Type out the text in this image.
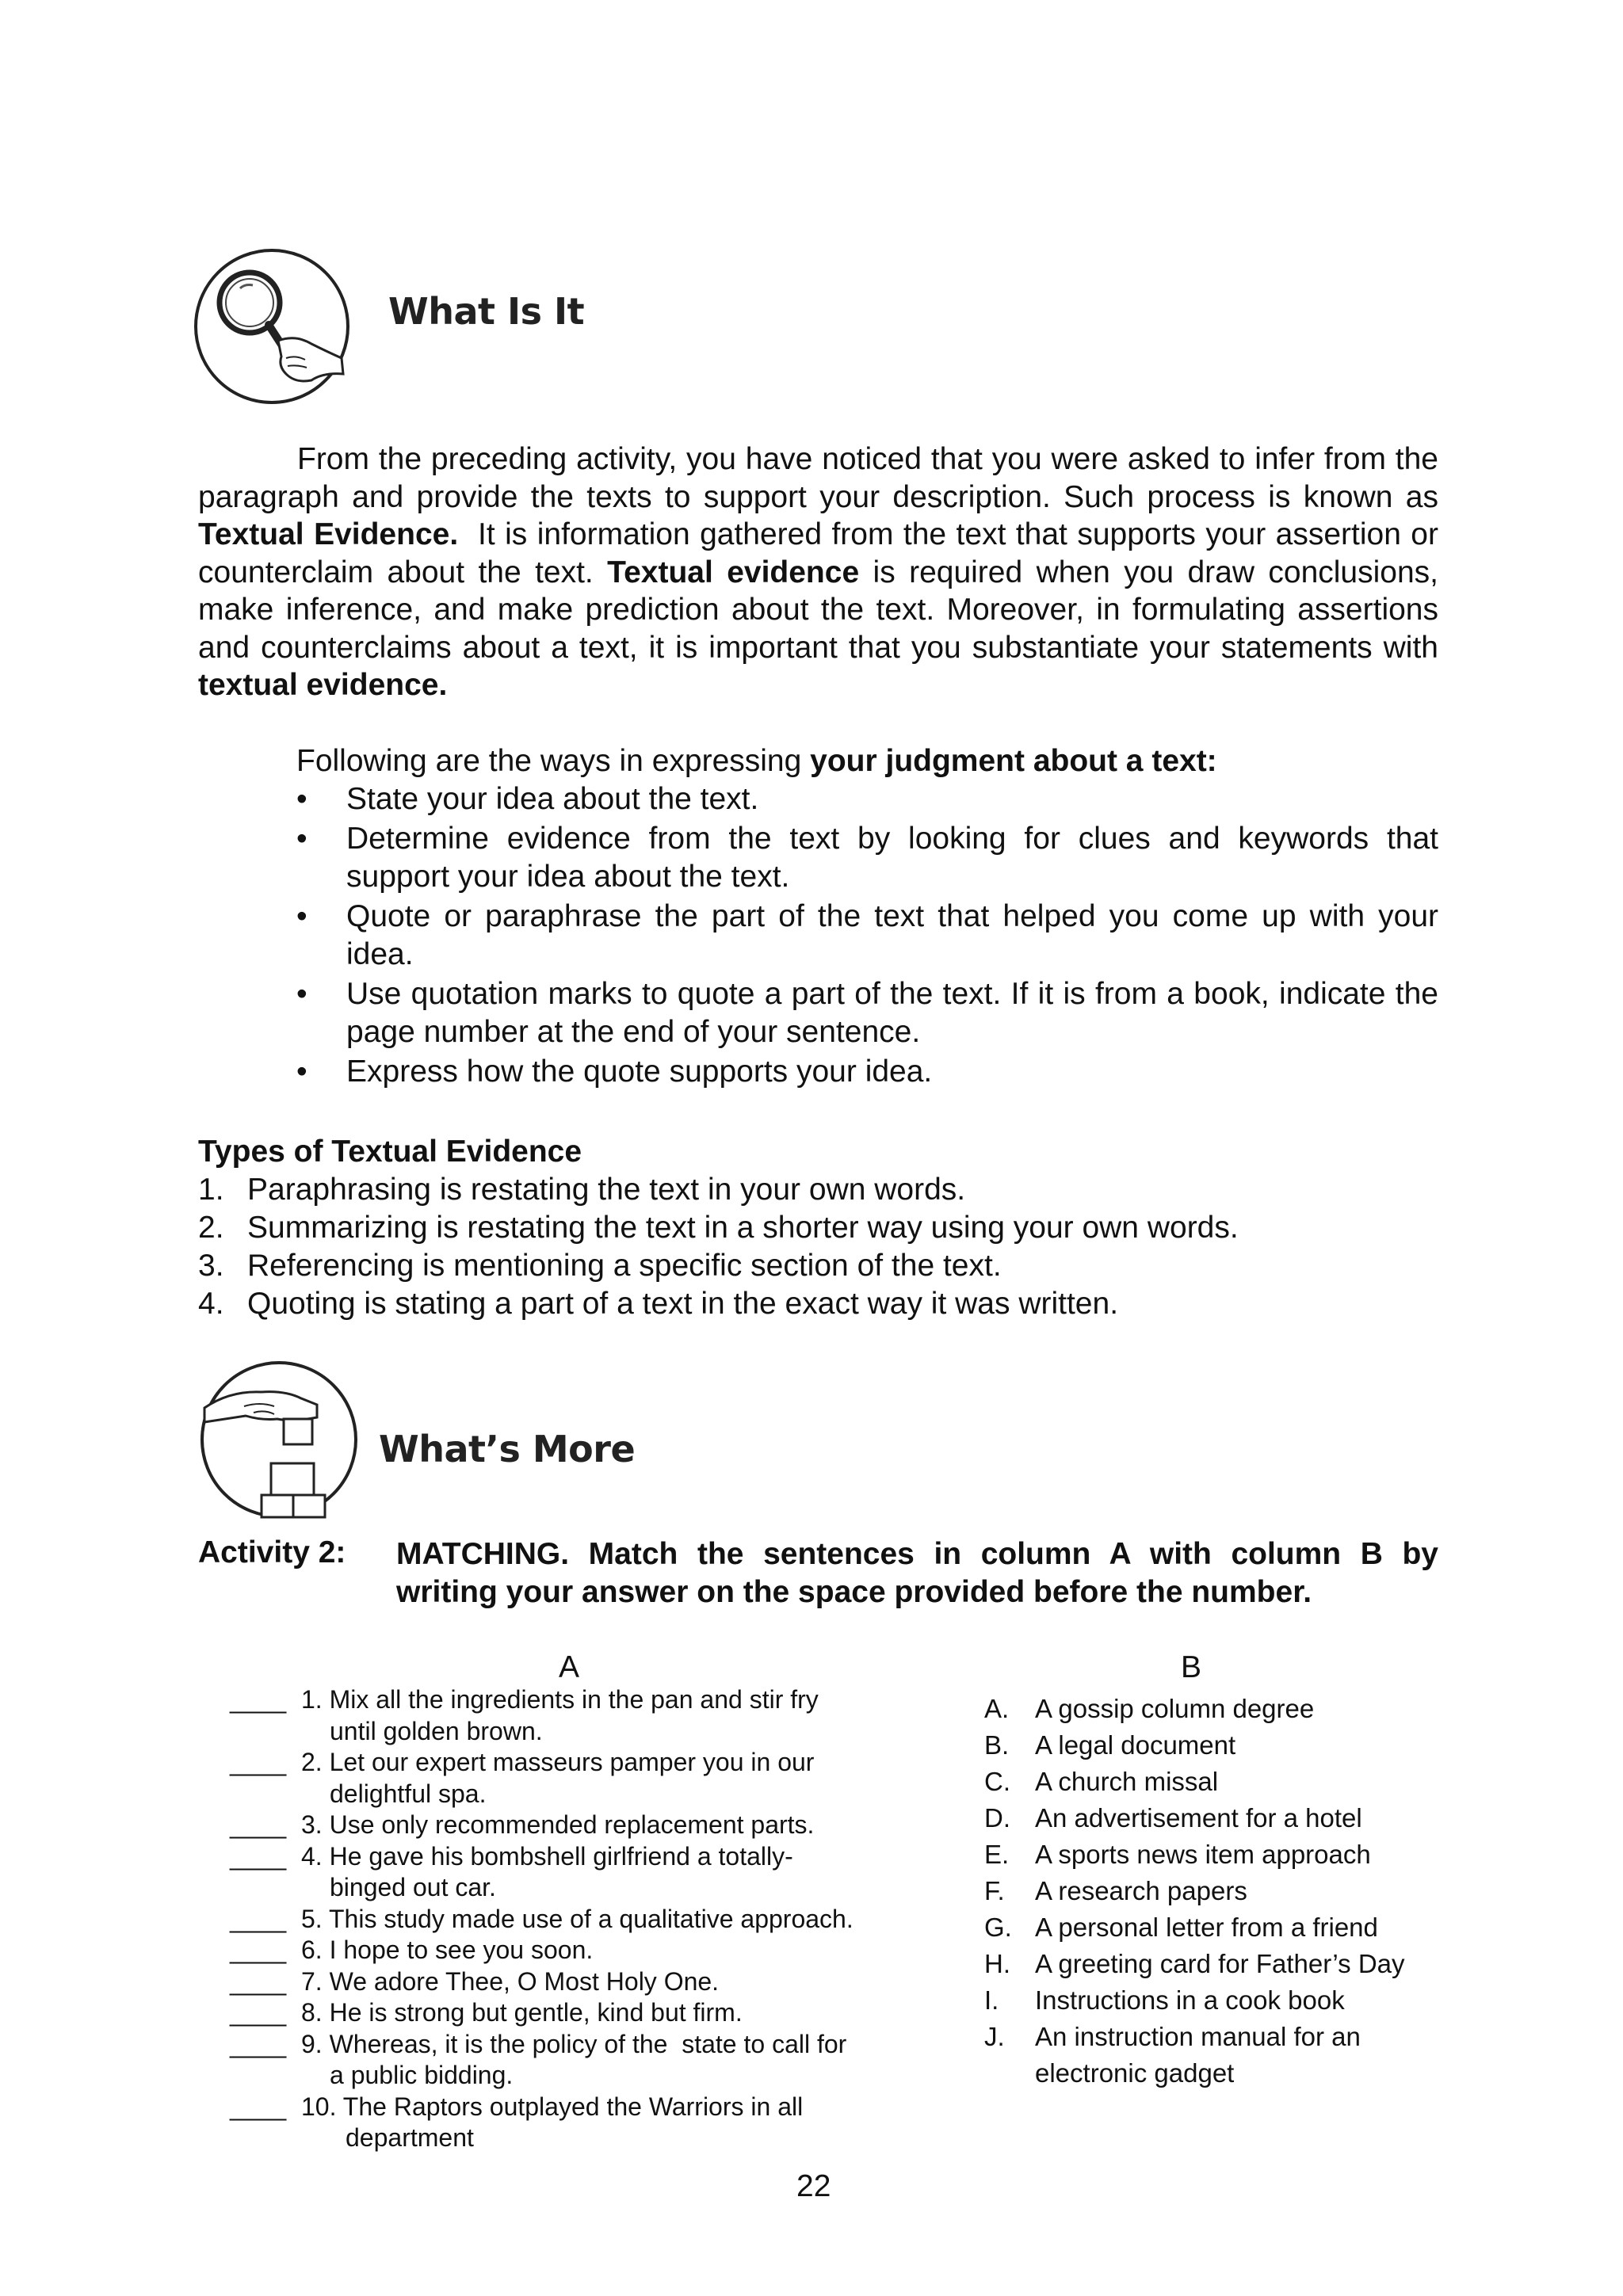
What Is It
From the preceding activity, you have noticed that you were asked to infer from the paragraph and provide the texts to support your description. Such process is known as Textual Evidence.  It is information gathered from the text that supports your assertion or counterclaim about the text. Textual evidence is required when you draw conclusions, make inference, and make prediction about the text. Moreover, in formulating assertions and counterclaims about a text, it is important that you substantiate your statements with textual evidence.
Following are the ways in expressing your judgment about a text:
• State your idea about the text.
• Determine evidence from the text by looking for clues and keywords that support your idea about the text.
• Quote or paraphrase the part of the text that helped you come up with your idea.
• Use quotation marks to quote a part of the text. If it is from a book, indicate the page number at the end of your sentence.
• Express how the quote supports your idea.
Types of Textual Evidence
1. Paraphrasing is restating the text in your own words.
2. Summarizing is restating the text in a shorter way using your own words.
3. Referencing is mentioning a specific section of the text.
4. Quoting is stating a part of a text in the exact way it was written.
What’s More
Activity 2: MATCHING. Match the sentences in column A with column B by writing your answer on the space provided before the number.
A	B
____ 1. Mix all the ingredients in the pan and stir fry
until golden brown.
____ 2. Let our expert masseurs pamper you in our
delightful spa.
____ 3. Use only recommended replacement parts.
____ 4. He gave his bombshell girlfriend a totally-
binged out car.
____ 5. This study made use of a qualitative approach.
____ 6. I hope to see you soon.
____ 7. We adore Thee, O Most Holy One.
____ 8. He is strong but gentle, kind but firm.
____ 9. Whereas, it is the policy of the  state to call for
a public bidding.
____ 10. The Raptors outplayed the Warriors in all
department
A. A gossip column degree
B. A legal document
C. A church missal
D. An advertisement for a hotel
E. A sports news item approach
F. A research papers
G. A personal letter from a friend
H. A greeting card for Father’s Day
I. Instructions in a cook book
J. An instruction manual for an
electronic gadget
22
